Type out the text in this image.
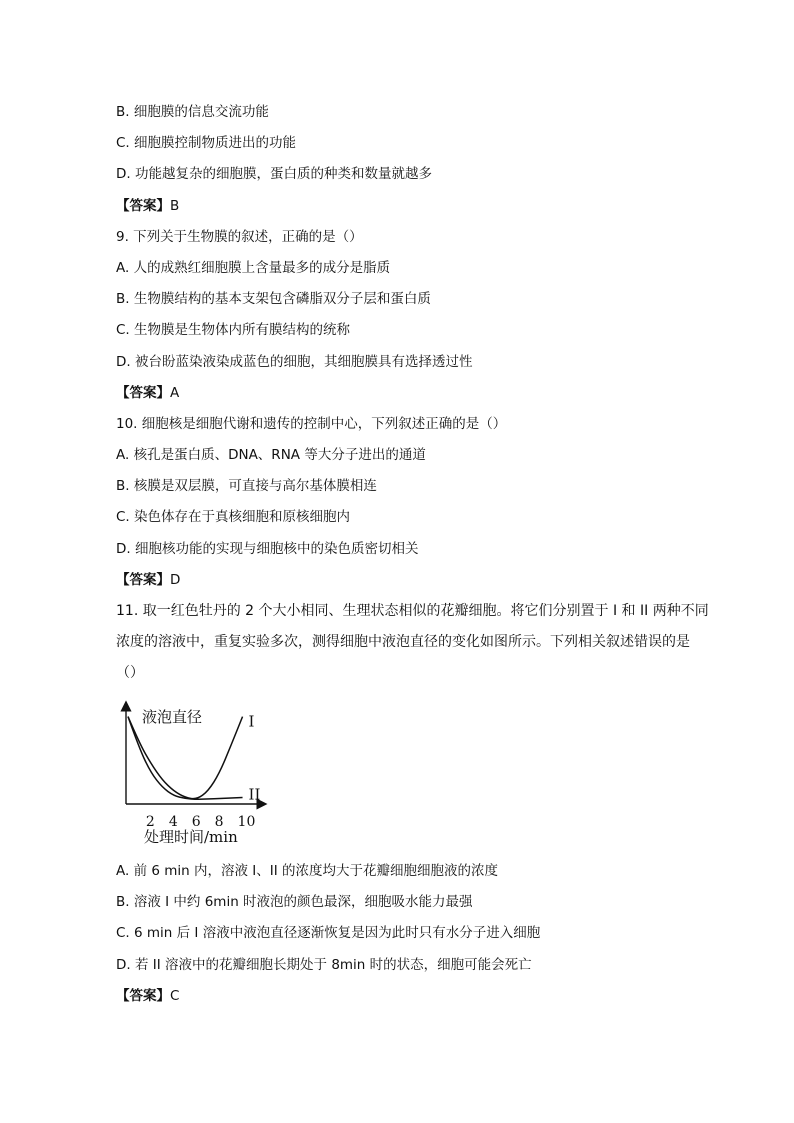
B. 细胞膜的信息交流功能
C. 细胞膜控制物质进出的功能
D. 功能越复杂的细胞膜，蛋白质的种类和数量就越多
【答案】B
9. 下列关于生物膜的叙述，正确的是（）
A. 人的成熟红细胞膜上含量最多的成分是脂质
B. 生物膜结构的基本支架包含磷脂双分子层和蛋白质
C. 生物膜是生物体内所有膜结构的统称
D. 被台盼蓝染液染成蓝色的细胞，其细胞膜具有选择透过性
【答案】A
10. 细胞核是细胞代谢和遗传的控制中心，下列叙述正确的是（）
A. 核孔是蛋白质、DNA、RNA 等大分子进出的通道
B. 核膜是双层膜，可直接与高尔基体膜相连
C. 染色体存在于真核细胞和原核细胞内
D. 细胞核功能的实现与细胞核中的染色质密切相关
【答案】D
11. 取一红色牡丹的 2 个大小相同、生理状态相似的花瓣细胞。将它们分别置于 I 和 II 两种不同
浓度的溶液中，重复实验多次，测得细胞中液泡直径的变化如图所示。下列相关叙述错误的是
（）
液泡直径
处理时间/min
2 4 6 8 10
I
II
A. 前 6 min 内，溶液 I、II 的浓度均大于花瓣细胞细胞液的浓度
B. 溶液 I 中约 6min 时液泡的颜色最深，细胞吸水能力最强
C. 6 min 后 I 溶液中液泡直径逐渐恢复是因为此时只有水分子进入细胞
D. 若 II 溶液中的花瓣细胞长期处于 8min 时的状态，细胞可能会死亡
【答案】C
